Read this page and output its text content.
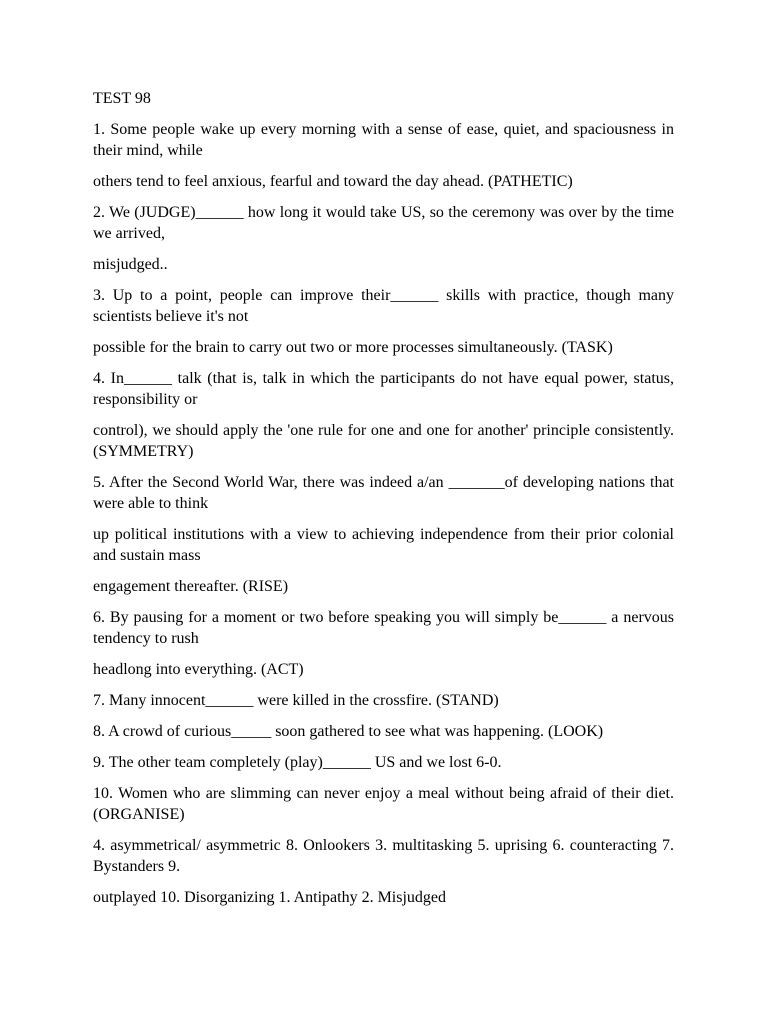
TEST 98

1. Some people wake up every morning with a sense of ease, quiet, and spaciousness in their mind, while

others tend to feel anxious, fearful and toward the day ahead. (PATHETIC)

2. We (JUDGE)______ how long it would take US, so the ceremony was over by the time we arrived,

misjudged..

3. Up to a point, people can improve their______ skills with practice, though many scientists believe it's not

possible for the brain to carry out two or more processes simultaneously. (TASK)

4. In______ talk (that is, talk in which the participants do not have equal power, status, responsibility or

control), we should apply the 'one rule for one and one for another' principle consistently. (SYMMETRY)

5. After the Second World War, there was indeed a/an _______of developing nations that were able to think

up political institutions with a view to achieving independence from their prior colonial and sustain mass

engagement thereafter. (RISE)

6. By pausing for a moment or two before speaking you will simply be______ a nervous tendency to rush

headlong into everything. (ACT)

7. Many innocent______ were killed in the crossfire. (STAND)

8. A crowd of curious_____ soon gathered to see what was happening. (LOOK)

9. The other team completely (play)______ US and we lost 6-0.

10. Women who are slimming can never enjoy a meal without being afraid of their diet. (ORGANISE)

4. asymmetrical/ asymmetric 8. Onlookers 3. multitasking 5. uprising 6. counteracting 7. Bystanders 9.

outplayed 10. Disorganizing 1. Antipathy 2. Misjudged
